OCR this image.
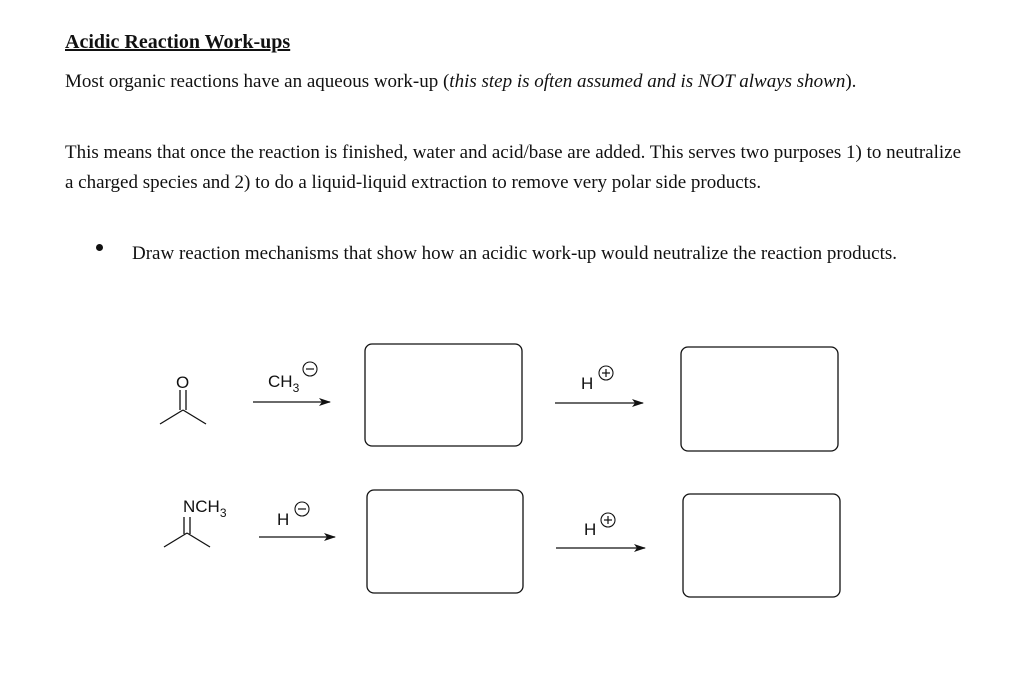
Acidic Reaction Work-ups
Most organic reactions have an aqueous work-up (this step is often assumed and is NOT always shown).
This means that once the reaction is finished, water and acid/base are added. This serves two purposes 1) to neutralize a charged species and 2) to do a liquid-liquid extraction to remove very polar side products.
Draw reaction mechanisms that show how an acidic work-up would neutralize the reaction products.
O	$CH_3$	H
$NCH_3$	H
H
